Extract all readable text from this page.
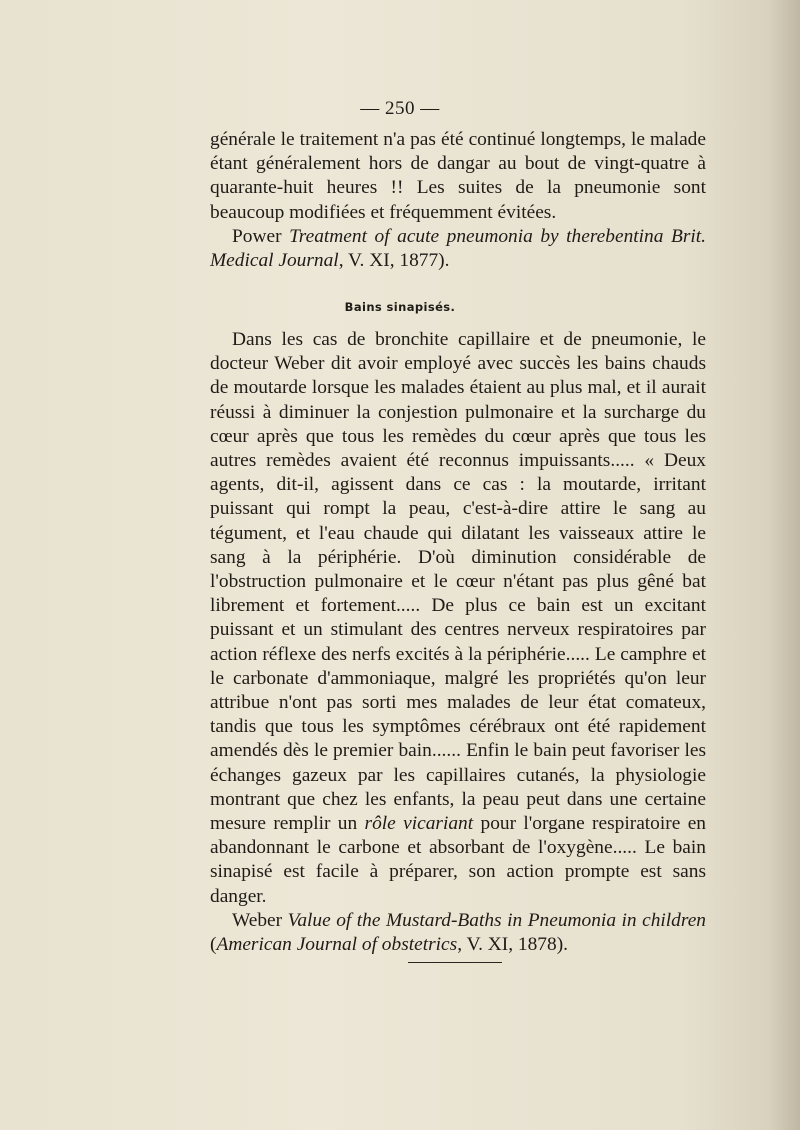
— 250 —

générale le traitement n'a pas été continué longtemps, le malade étant généralement hors de dangar au bout de vingt-quatre à quarante-huit heures !! Les suites de la pneumonie sont beaucoup modifiées et fréquemment évitées.

Power Treatment of acute pneumonia by therebentina Brit. Medical Journal, V. XI, 1877).

Bains sinapisés.

Dans les cas de bronchite capillaire et de pneumonie, le docteur Weber dit avoir employé avec succès les bains chauds de moutarde lorsque les malades étaient au plus mal, et il aurait réussi à diminuer la conjestion pulmonaire et la surcharge du cœur après que tous les remèdes du cœur après que tous les autres remèdes avaient été reconnus impuissants..... « Deux agents, dit-il, agissent dans ce cas : la moutarde, irritant puissant qui rompt la peau, c'est-à-dire attire le sang au tégument, et l'eau chaude qui dilatant les vaisseaux attire le sang à la périphérie. D'où diminution considérable de l'obstruction pulmonaire et le cœur n'étant pas plus gêné bat librement et fortement..... De plus ce bain est un excitant puissant et un stimulant des centres nerveux respiratoires par action réflexe des nerfs excités à la périphérie..... Le camphre et le carbonate d'ammoniaque, malgré les propriétés qu'on leur attribue n'ont pas sorti mes malades de leur état comateux, tandis que tous les symptômes cérébraux ont été rapidement amendés dès le premier bain...... Enfin le bain peut favoriser les échanges gazeux par les capillaires cutanés, la physiologie montrant que chez les enfants, la peau peut dans une certaine mesure remplir un rôle vicariant pour l'organe respiratoire en abandonnant le carbone et absorbant de l'oxygène..... Le bain sinapisé est facile à préparer, son action prompte est sans danger.

Weber Value of the Mustard-Baths in Pneumonia in children (American Journal of obstetrics, V. XI, 1878).
